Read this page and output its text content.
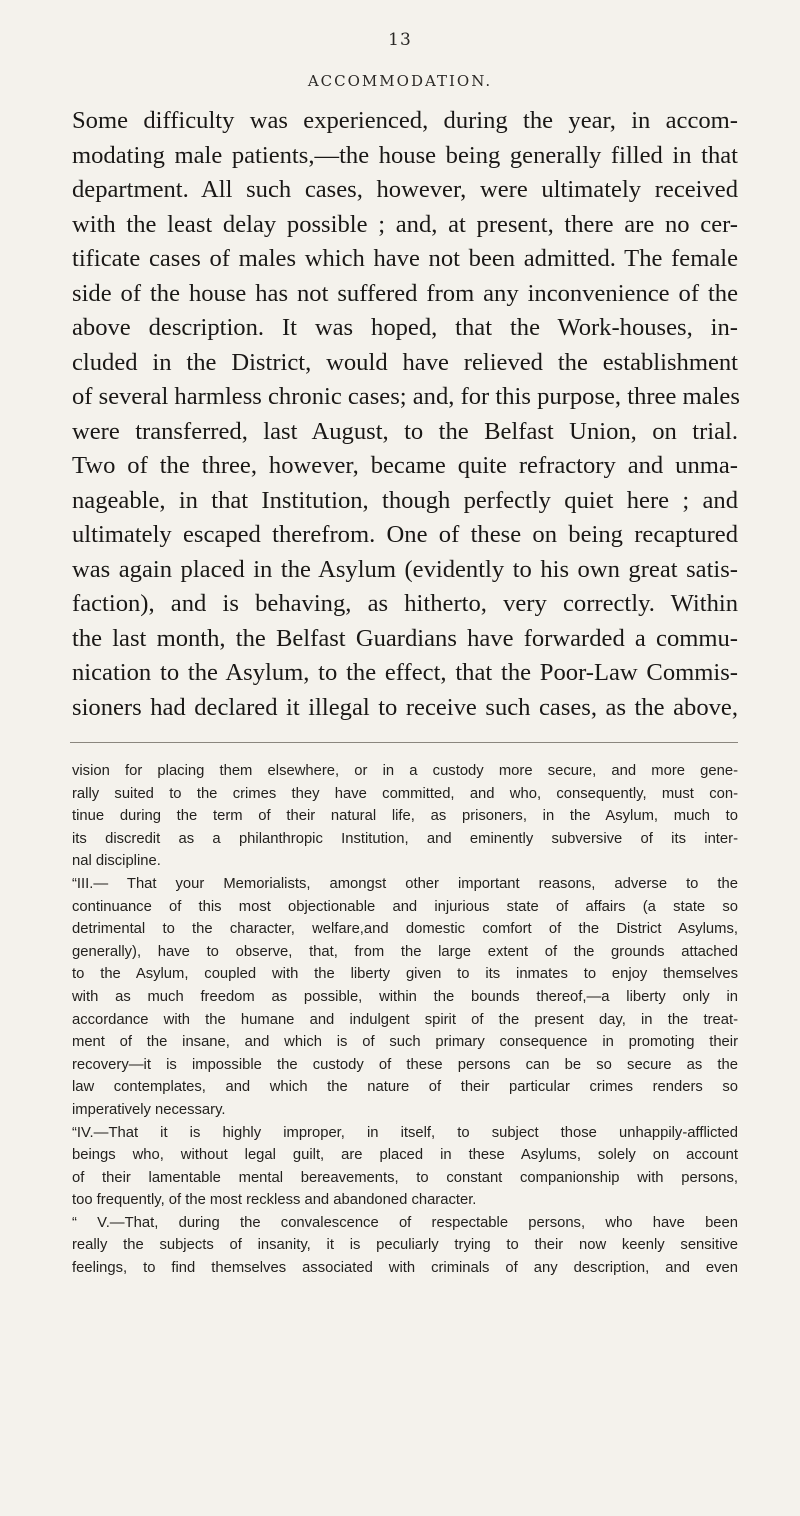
13
ACCOMMODATION.
Some difficulty was experienced, during the year, in accom-
modating male patients,—the house being generally filled in that
department. All such cases, however, were ultimately received
with the least delay possible ; and, at present, there are no cer-
tificate cases of males which have not been admitted. The female
side of the house has not suffered from any inconvenience of the
above description. It was hoped, that the Work-houses, in-
cluded in the District, would have relieved the establishment
of several harmless chronic cases; and, for this purpose, three males
were transferred, last August, to the Belfast Union, on trial.
Two of the three, however, became quite refractory and unma-
nageable, in that Institution, though perfectly quiet here ; and
ultimately escaped therefrom. One of these on being recaptured
was again placed in the Asylum (evidently to his own great satis-
faction), and is behaving, as hitherto, very correctly. Within
the last month, the Belfast Guardians have forwarded a commu-
nication to the Asylum, to the effect, that the Poor-Law Commis-
sioners had declared it illegal to receive such cases, as the above,
vision for placing them elsewhere, or in a custody more secure, and more gene-
rally suited to the crimes they have committed, and who, consequently, must con-
tinue during the term of their natural life, as prisoners, in the Asylum, much to
its discredit as a philanthropic Institution, and eminently subversive of its inter-
nal discipline.
“III.— That your Memorialists, amongst other important reasons, adverse to the
continuance of this most objectionable and injurious state of affairs (a state so
detrimental to the character, welfare,and domestic comfort of the District Asylums,
generally), have to observe, that, from the large extent of the grounds attached
to the Asylum, coupled with the liberty given to its inmates to enjoy themselves
with as much freedom as possible, within the bounds thereof,—a liberty only in
accordance with the humane and indulgent spirit of the present day, in the treat-
ment of the insane, and which is of such primary consequence in promoting their
recovery—it is impossible the custody of these persons can be so secure as the
law contemplates, and which the nature of their particular crimes renders so
imperatively necessary.
“IV.—That it is highly improper, in itself, to subject those unhappily-afflicted
beings who, without legal guilt, are placed in these Asylums, solely on account
of their lamentable mental bereavements, to constant companionship with persons,
too frequently, of the most reckless and abandoned character.
“ V.—That, during the convalescence of respectable persons, who have been
really the subjects of insanity, it is peculiarly trying to their now keenly sensitive
feelings, to find themselves associated with criminals of any description, and even
